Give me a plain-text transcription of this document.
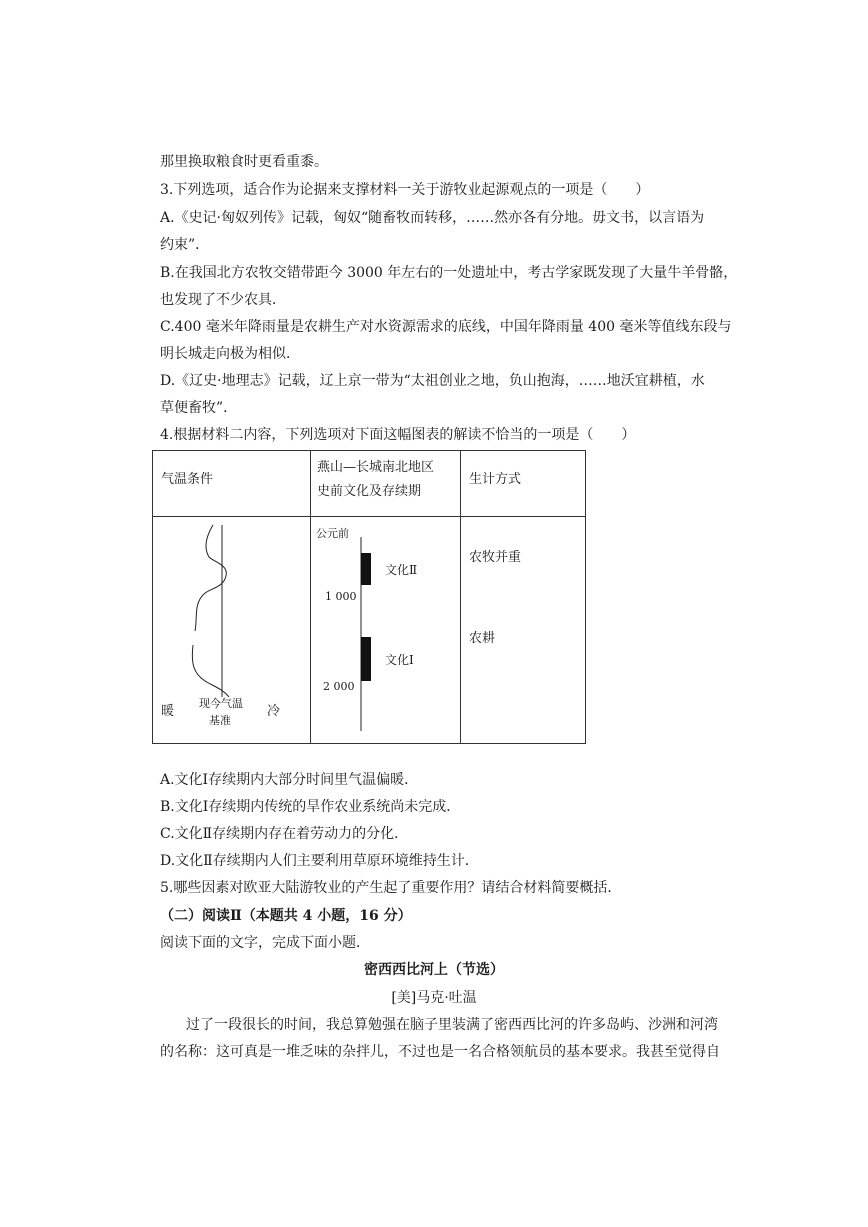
那里换取粮食时更看重黍。
3.下列选项，适合作为论据来支撑材料一关于游牧业起源观点的一项是（　　）
A.《史记·匈奴列传》记载，匈奴“随畜牧而转移，……然亦各有分地。毋文书，以言语为
约束”．
B.在我国北方农牧交错带距今 3000 年左右的一处遗址中，考古学家既发现了大量牛羊骨骼，
也发现了不少农具．
C.400 毫米年降雨量是农耕生产对水资源需求的底线，中国年降雨量 400 毫米等值线东段与
明长城走向极为相似．
D.《辽史·地理志》记载，辽上京一带为“太祖创业之地，负山抱海，……地沃宜耕植，水
草便畜牧”．
4.根据材料二内容，下列选项对下面这幅图表的解读不恰当的一项是（　　）
气温条件
燕山—长城南北地区
史前文化及存续期
生计方式
暖	冷
现今气温
基准
公元前
1 000
2 000
文化Ⅱ
文化Ⅰ
农牧并重
农耕
A.文化Ⅰ存续期内大部分时间里气温偏暖．
B.文化Ⅰ存续期内传统的旱作农业系统尚未完成．
C.文化Ⅱ存续期内存在着劳动力的分化．
D.文化Ⅱ存续期内人们主要利用草原环境维持生计．
5.哪些因素对欧亚大陆游牧业的产生起了重要作用？请结合材料简要概括．
（二）阅读Ⅱ（本题共 4 小题，16 分）
阅读下面的文字，完成下面小题．
密西西比河上（节选）
[美]马克·吐温
过了一段很长的时间，我总算勉强在脑子里装满了密西西比河的许多岛屿、沙洲和河湾
的名称：这可真是一堆乏味的杂拌儿，不过也是一名合格领航员的基本要求。我甚至觉得自
